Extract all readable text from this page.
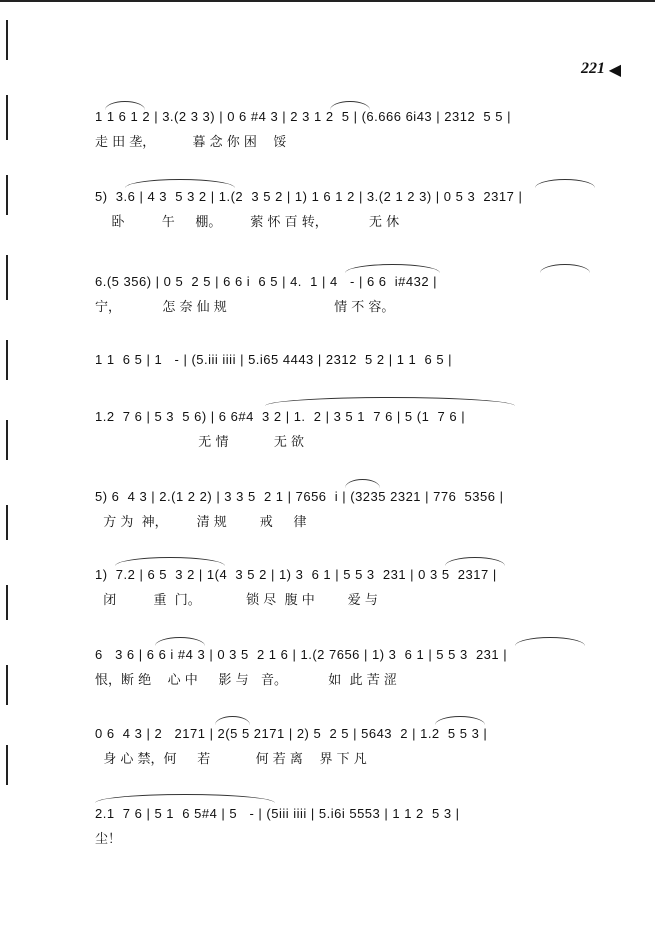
221 ◀
1 1 6 1 2 | 3.(2 3 3) | 0 6 #4 3 | 2 3 1 2  5 | (6.666 6i43 | 2312  5 5 |
走 田 垄，         暮 念 你 困    馁
5)  3.6 | 4 3  5 3 2 | 1.(2  3 5 2 | 1) 1 6 1 2 | 3.(2 1 2 3) | 0 5 3  2317 |
卧         午     棚。       萦 怀 百 转，          无 休
6.(5 356) | 0 5  2 5 | 6 6 i  6 5 | 4.  1 | 4   - | 6 6  i#432 |
宁，          怎 奈 仙 规                          情 不 容。
1 1  6 5 | 1   - | (5.iii iiii | 5.i65 4443 | 2312  5 2 | 1 1  6 5 |
1.2  7 6 | 5 3  5 6) | 6 6#4  3 2 | 1.  2 | 3 5 1  7 6 | 5 (1  7 6 |
无 情           无 欲
5) 6  4 3 | 2.(1 2 2) | 3 3 5  2 1 | 7656  i | (3235 2321 | 776  5356 |
方 为  神，       清 规        戒     律
1)  7.2 | 6 5  3 2 | 1(4  3 5 2 | 1) 3  6 1 | 5 5 3  231 | 0 3 5  2317 |
闭         重  门。           锁 尽  腹 中        爱 与
6   3 6 | 6 6 i #4 3 | 0 3 5  2 1 6 | 1.(2 7656 | 1) 3  6 1 | 5 5 3  231 |
恨，断 绝    心 中     影 与   音。          如  此 苦 涩
0 6  4 3 | 2   2171 | 2(5 5 2171 | 2) 5  2 5 | 5643  2 | 1.2  5 5 3 |
身 心 禁，何     若           何 若 离    界 下 凡
2.1  7 6 | 5 1  6 5#4 | 5   - | (5iii iiii | 5.i6i 5553 | 1 1 2  5 3 |
尘！
